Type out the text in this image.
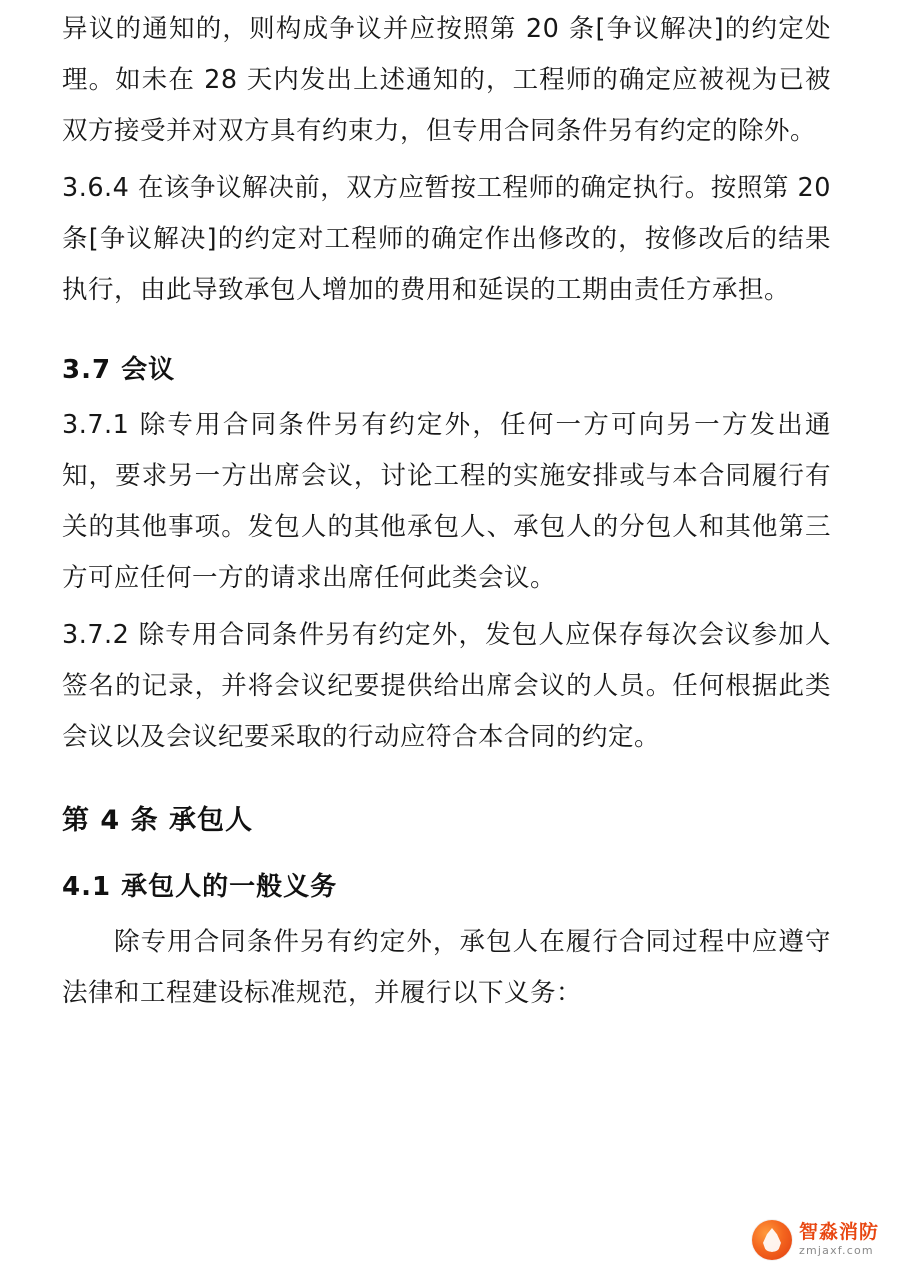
异议的通知的，则构成争议并应按照第 20 条[争议解决]的约定处理。如未在 28 天内发出上述通知的，工程师的确定应被视为已被双方接受并对双方具有约束力，但专用合同条件另有约定的除外。

3.6.4 在该争议解决前，双方应暂按工程师的确定执行。按照第 20 条[争议解决]的约定对工程师的确定作出修改的，按修改后的结果执行，由此导致承包人增加的费用和延误的工期由责任方承担。

3.7 会议

3.7.1 除专用合同条件另有约定外，任何一方可向另一方发出通知，要求另一方出席会议，讨论工程的实施安排或与本合同履行有关的其他事项。发包人的其他承包人、承包人的分包人和其他第三方可应任何一方的请求出席任何此类会议。

3.7.2 除专用合同条件另有约定外，发包人应保存每次会议参加人签名的记录，并将会议纪要提供给出席会议的人员。任何根据此类会议以及会议纪要采取的行动应符合本合同的约定。

第 4 条 承包人
4.1 承包人的一般义务

除专用合同条件另有约定外，承包人在履行合同过程中应遵守法律和工程建设标准规范，并履行以下义务：

智淼消防
zmjaxf.com
